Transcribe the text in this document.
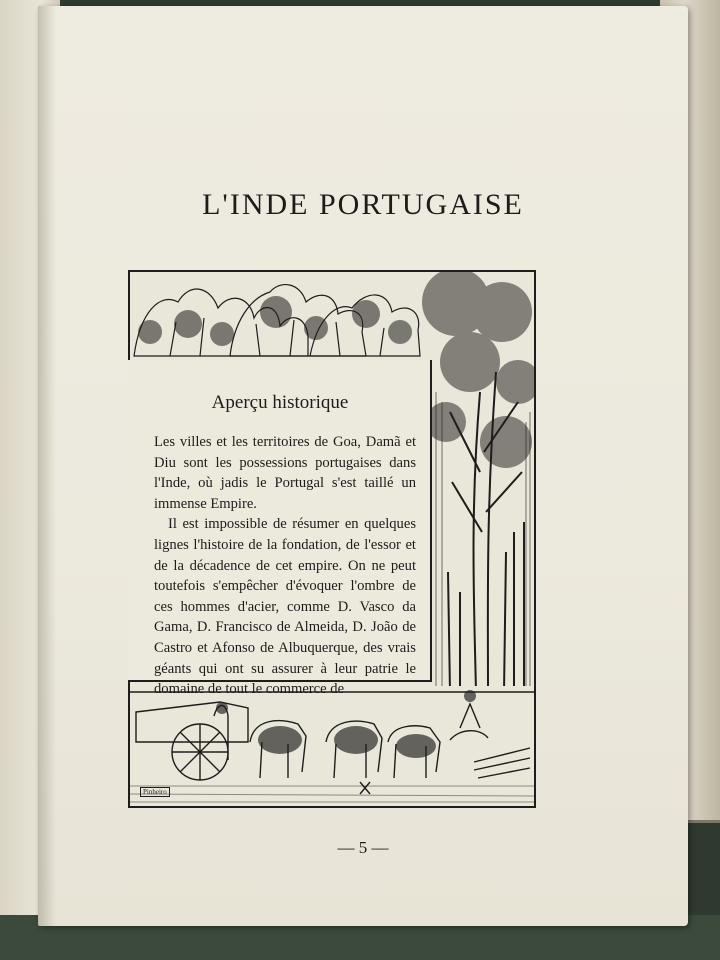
L'INDE PORTUGAISE
Pinheiro
Aperçu historique

Les villes et les territoires de Goa, Damã et Diu sont les possessions portugaises dans l'Inde, où jadis le Portugal s'est taillé un immense Empire.

Il est impossible de résumer en quelques lignes l'histoire de la fondation, de l'essor et de la décadence de cet empire. On ne peut toutefois s'empêcher d'évoquer l'ombre de ces hommes d'acier, comme D. Vasco da Gama, D. Francisco de Almeida, D. João de Castro et Afonso de Albuquerque, des vrais géants qui ont su assurer à leur patrie le domaine de tout le commerce de

— 5 —
